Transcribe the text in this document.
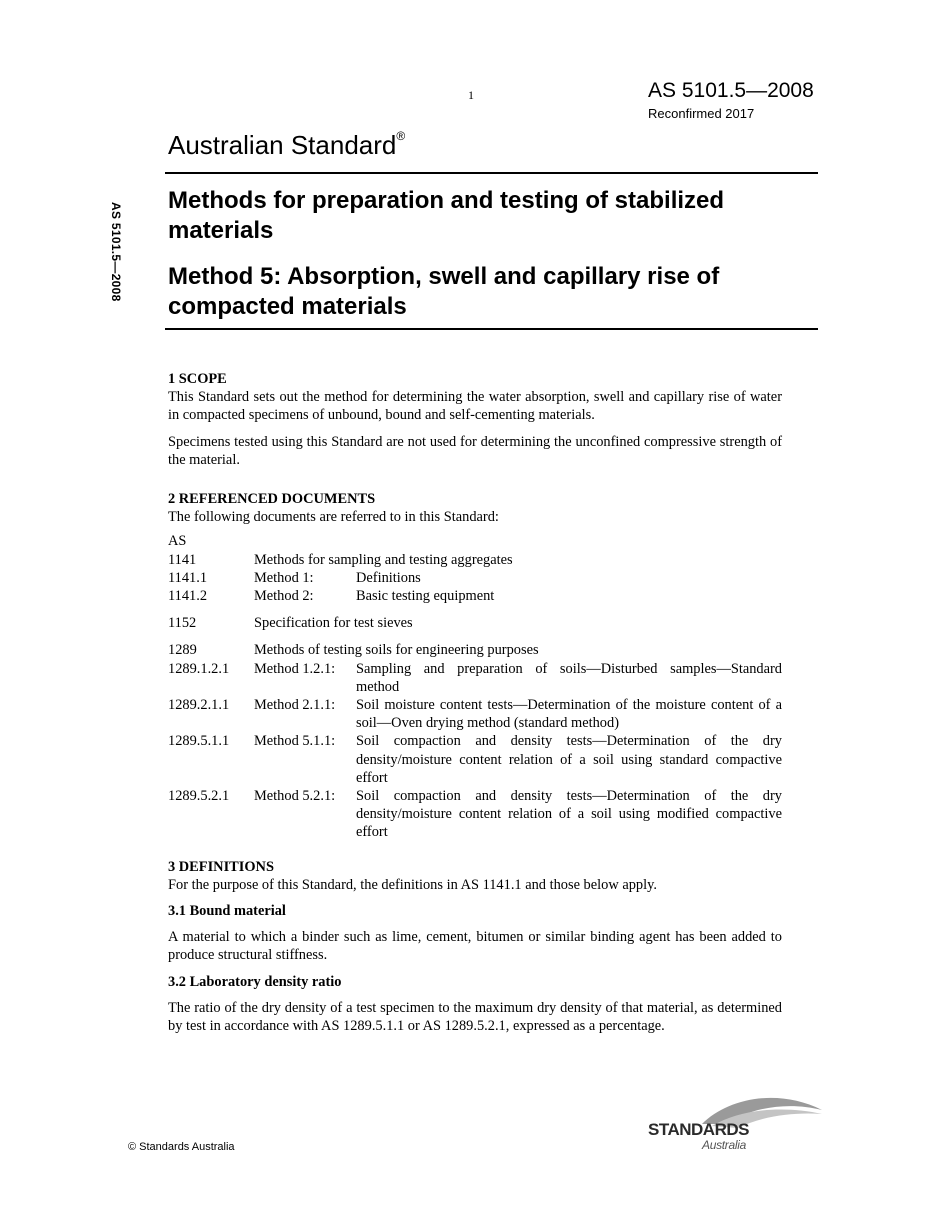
1	AS 5101.5—2008
Reconfirmed 2017
AS 5101.5—2008
Australian Standard®
Methods for preparation and testing of stabilized materials
Method 5: Absorption, swell and capillary rise of compacted materials

1 SCOPE

This Standard sets out the method for determining the water absorption, swell and capillary rise of water in compacted specimens of unbound, bound and self-cementing materials.

Specimens tested using this Standard are not used for determining the unconfined compressive strength of the material.

2 REFERENCED DOCUMENTS

The following documents are referred to in this Standard:

AS
1141	Methods for sampling and testing aggregates
1141.1	Method 1:	Definitions
1141.2	Method 2:	Basic testing equipment
1152	Specification for test sieves
1289	Methods of testing soils for engineering purposes
1289.1.2.1	Method 1.2.1:	Sampling and preparation of soils—Disturbed samples—Standard method
1289.2.1.1	Method 2.1.1:	Soil moisture content tests—Determination of the moisture content of a soil—Oven drying method (standard method)
1289.5.1.1	Method 5.1.1:	Soil compaction and density tests—Determination of the dry density/moisture content relation of a soil using standard compactive effort
1289.5.2.1	Method 5.2.1:	Soil compaction and density tests—Determination of the dry density/moisture content relation of a soil using modified compactive effort

3 DEFINITIONS

For the purpose of this Standard, the definitions in AS 1141.1 and those below apply.

3.1 Bound material

A material to which a binder such as lime, cement, bitumen or similar binding agent has been added to produce structural stiffness.

3.2 Laboratory density ratio

The ratio of the dry density of a test specimen to the maximum dry density of that material, as determined by test in accordance with AS 1289.5.1.1 or AS 1289.5.2.1, expressed as a percentage.

© Standards Australia
STANDARDS
Australia
